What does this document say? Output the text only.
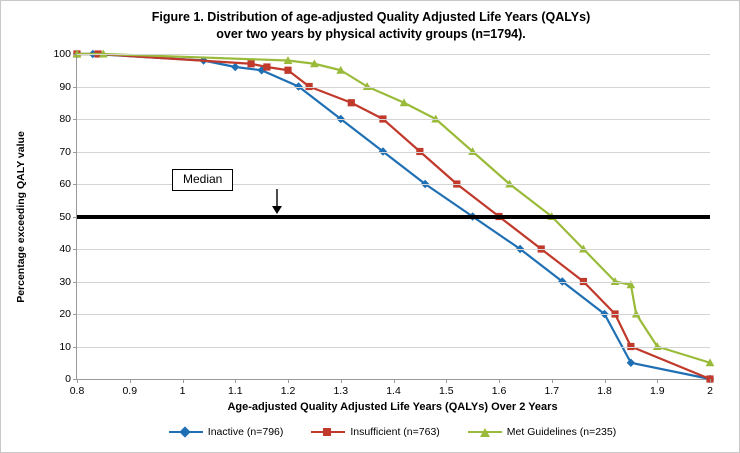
Figure 1. Distribution of age-adjusted Quality Adjusted Life Years (QALYs)
over two years by physical activity groups (n=1794).
Percentage exceeding QALY value
0
10
20
30
40
50
60
70
80
90
100
0.8	0.9	1	1.1	1.2	1.3	1.4	1.5	1.6	1.7	1.8	1.9	2
Median
Age-adjusted Quality Adjusted Life Years (QALYs) Over 2 Years
Inactive (n=796)	Insufficient (n=763)	Met Guidelines (n=235)
